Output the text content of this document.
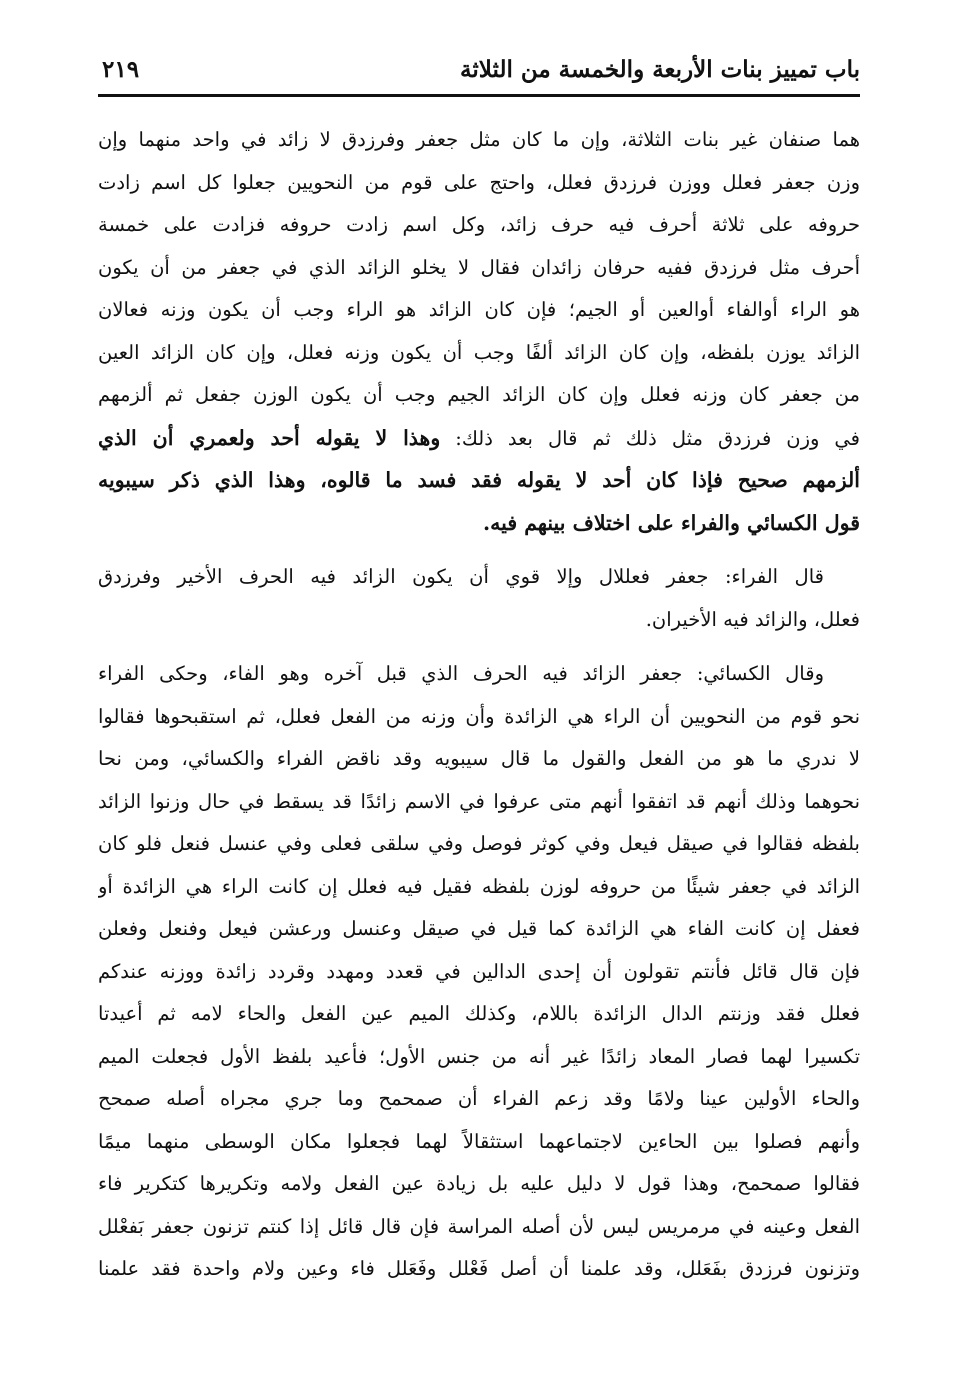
باب تمييز بنات الأربعة والخمسة من الثلاثة
٢١٩
هما صنفان غير بنات الثلاثة، وإن ما كان مثل جعفر وفرزدق لا زائد في واحد منهما وإن
وزن جعفر فعلل ووزن فرزدق فعلل، واحتج على قوم من النحويين جعلوا كل اسم زادت
حروفه على ثلاثة أحرف فيه حرف زائد، وكل اسم زادت حروفه فزادت على خمسة
أحرف مثل فرزدق ففيه حرفان زائدان فقال لا يخلو الزائد الذي في جعفر من أن يكون
هو الراء أوالفاء أوالعين أو الجيم؛ فإن كان الزائد هو الراء وجب أن يكون وزنه فعالان
الزائد يوزن بلفظه، وإن كان الزائد ألفًا وجب أن يكون وزنه فعلل، وإن كان الزائد العين
من جعفر كان وزنه فعلل وإن كان الزائد الجيم وجب أن يكون الوزن جفعل ثم ألزمهم
في وزن فرزدق مثل ذلك ثم قال بعد ذلك: وهذا لا يقوله أحد ولعمري أن الذي
ألزمهم صحيح فإذا كان أحد لا يقوله فقد فسد ما قالوه، وهذا الذي ذكر سيبويه
قول الكسائي والفراء على اختلاف بينهم فيه.
قال الفراء: جعفر فعللال وإلا قوي أن يكون الزائد فيه الحرف الأخير وفرزدق
فعلل، والزائد فيه الأخيران.
وقال الكسائي: جعفر الزائد فيه الحرف الذي قبل آخره وهو الفاء، وحكى الفراء
نحو قوم من النحويين أن الراء هي الزائدة وأن وزنه من الفعل فعلل، ثم استقبحوها فقالوا
لا ندري ما هو من الفعل والقول ما قال سيبويه وقد ناقض الفراء والكسائي، ومن نحا
نحوهما وذلك أنهم قد اتفقوا أنهم متى عرفوا في الاسم زائدًا قد يسقط في حال وزنوا الزائد
بلفظه فقالوا في صيقل فيعل وفي كوثر فوصل وفي سلقى فعلى وفي عنسل فنعل فلو كان
الزائد في جعفر شيئًا من حروفه لوزن بلفظه فقيل فيه فعلل إن كانت الراء هي الزائدة أو
فعفل إن كانت الفاء هي الزائدة كما قيل في صيقل وعنسل ورعشن فيعل وفنعل وفعلن
فإن قال قائل فأنتم تقولون أن إحدى الدالين في قعدد ومهدد وقردد زائدة ووزنه عندكم
فعلل فقد وزنتم الدال الزائدة باللام، وكذلك الميم عين الفعل والحاء لامه ثم أعيدتا
تكسيرا لهما فصار المعاد زائدًا غير أنه من جنس الأول؛ فأعيد بلفظ الأول فجعلت الميم
والحاء الأولين عينا ولامًا وقد زعم الفراء أن صمحمح وما جري مجراه أصله صمحح
وأنهم فصلوا بين الحاءين لاجتماعهما استثقالاً لهما فجعلوا مكان الوسطى منهما ميمًا
فقالوا صمحمح، وهذا قول لا دليل عليه بل زيادة عين الفعل ولامه وتكريرها كتكرير فاء
الفعل وعينه في مرمريس ليس لأن أصله المراسة فإن قال قائل إذا كنتم تزنون جعفر بَفعْلل
وتزنون فرزدق بفَعَلل، وقد علمنا أن أصل فَعْلل وفَعَلل فاء وعين ولام واحدة فقد علمنا
